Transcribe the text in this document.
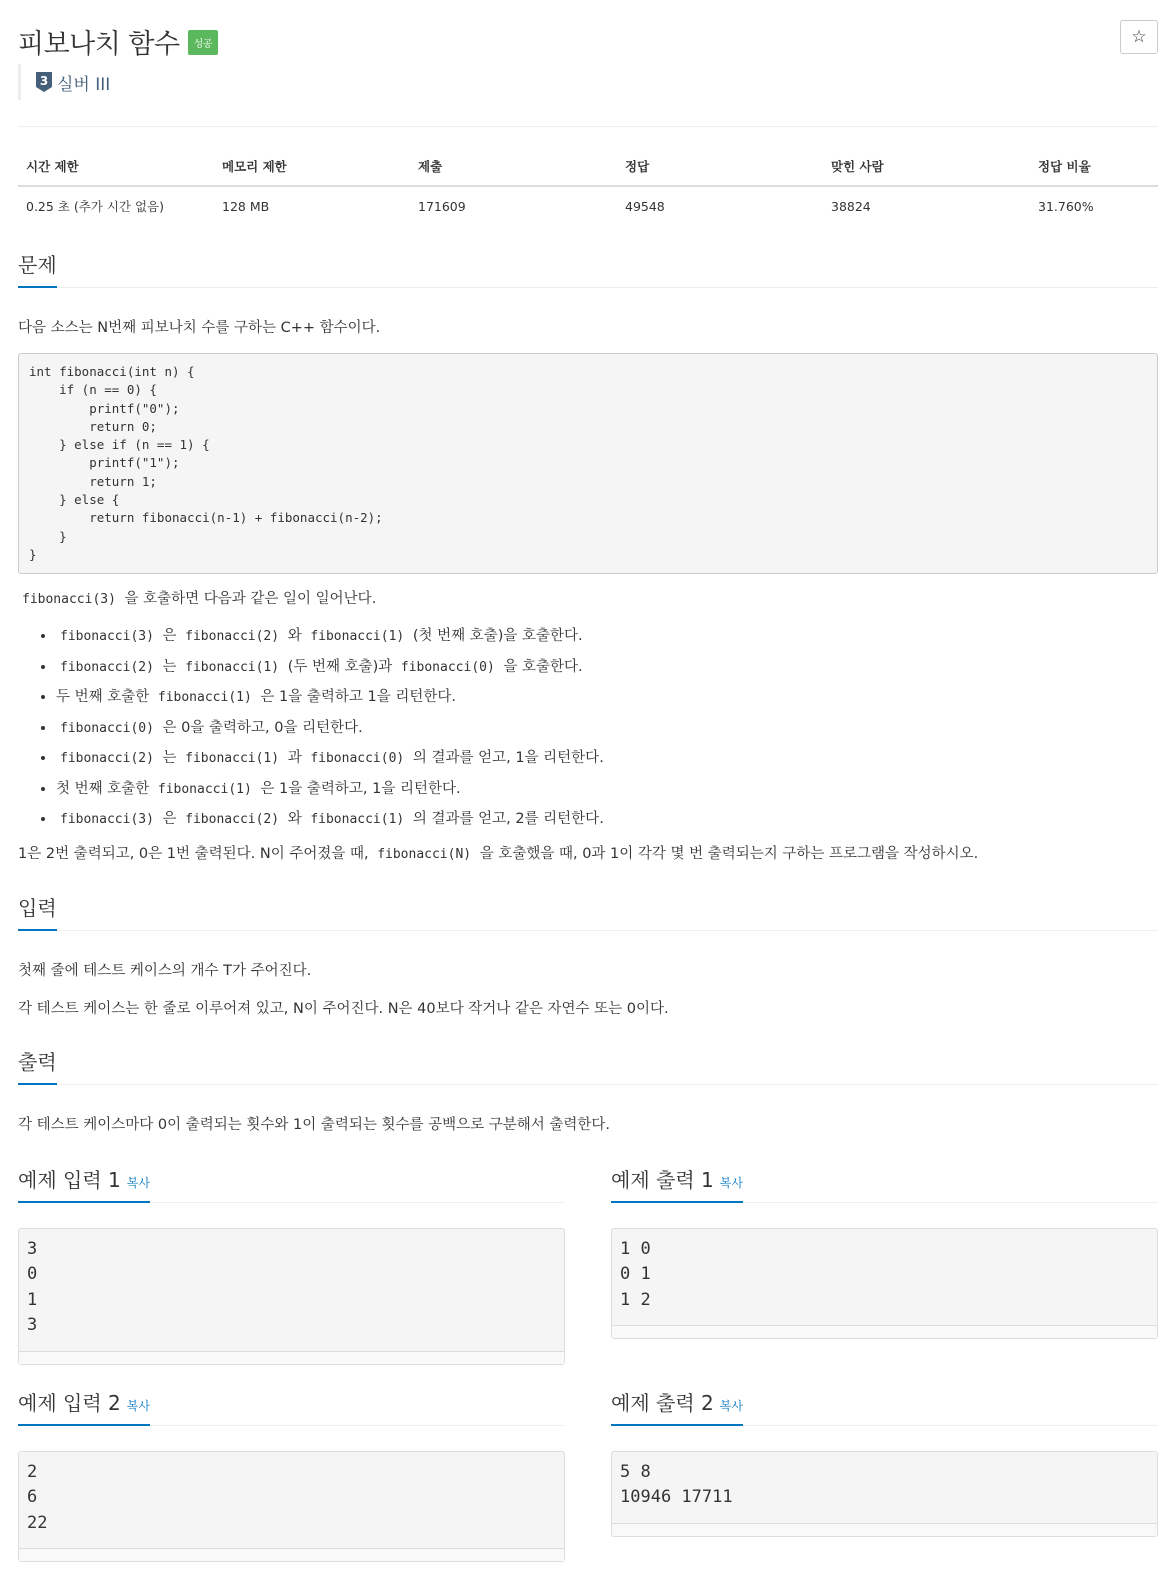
피보나치 함수 성공	☆
3 실버 III
시간 제한	메모리 제한	제출	정답	맞힌 사람	정답 비율
0.25 초 (추가 시간 없음)	128 MB	171609	49548	38824	31.760%
문제

다음 소스는 N번째 피보나치 수를 구하는 C++ 함수이다.

int fibonacci(int n) {
if (n == 0) {
printf("0");
return 0;
} else if (n == 1) {
printf("1");
return 1;
} else {
return fibonacci(n‐1) + fibonacci(n‐2);
}
}

fibonacci(3) 을 호출하면 다음과 같은 일이 일어난다.

• fibonacci(3) 은 fibonacci(2) 와 fibonacci(1) (첫 번째 호출)을 호출한다.
• fibonacci(2) 는 fibonacci(1) (두 번째 호출)과 fibonacci(0) 을 호출한다.
• 두 번째 호출한 fibonacci(1) 은 1을 출력하고 1을 리턴한다.
• fibonacci(0) 은 0을 출력하고, 0을 리턴한다.
• fibonacci(2) 는 fibonacci(1) 과 fibonacci(0) 의 결과를 얻고, 1을 리턴한다.
• 첫 번째 호출한 fibonacci(1) 은 1을 출력하고, 1을 리턴한다.
• fibonacci(3) 은 fibonacci(2) 와 fibonacci(1) 의 결과를 얻고, 2를 리턴한다.

1은 2번 출력되고, 0은 1번 출력된다. N이 주어졌을 때, fibonacci(N) 을 호출했을 때, 0과 1이 각각 몇 번 출력되는지 구하는 프로그램을 작성하시오.

입력

첫째 줄에 테스트 케이스의 개수 T가 주어진다.

각 테스트 케이스는 한 줄로 이루어져 있고, N이 주어진다. N은 40보다 작거나 같은 자연수 또는 0이다.

출력

각 테스트 케이스마다 0이 출력되는 횟수와 1이 출력되는 횟수를 공백으로 구분해서 출력한다.

예제 입력 1 복사
3
0
1
3
예제 출력 1 복사
1 0
0 1
1 2
예제 입력 2 복사
2
6
22
예제 출력 2 복사
5 8
10946 17711
